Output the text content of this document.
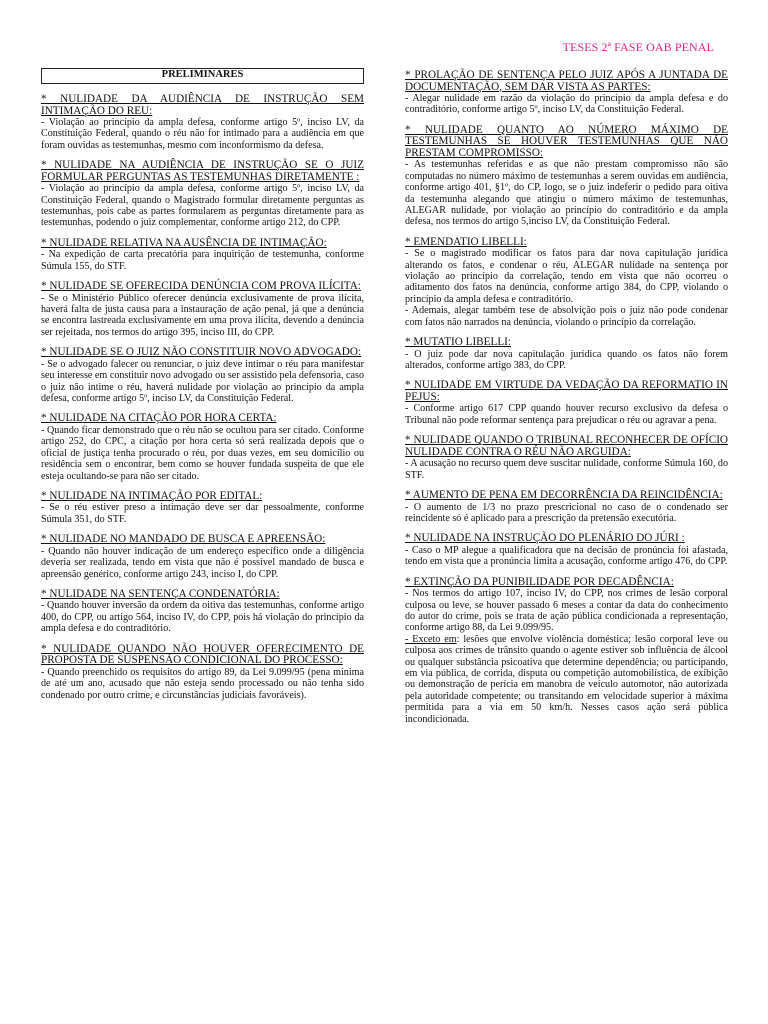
TESES 2ª FASE OAB PENAL
PRELIMINARES
* NULIDADE DA AUDIÊNCIA DE INSTRUÇÃO SEM INTIMAÇÃO DO REU:

- Violação ao princípio da ampla defesa, conforme artigo 5º, inciso LV, da Constituição Federal, quando o réu não for intimado para a audiência em que foram ouvidas as testemunhas, mesmo com inconformismo da defesa.

* NULIDADE NA AUDIÊNCIA DE INSTRUÇÃO SE O JUIZ FORMULAR PERGUNTAS AS TESTEMUNHAS DIRETAMENTE :

- Violação ao princípio da ampla defesa, conforme artigo 5º, inciso LV, da Constituição Federal, quando o Magistrado formular diretamente perguntas as testemunhas, pois cabe as partes formularem as perguntas diretamente para as testemunhas, podendo o juiz complementar, conforme artigo 212, do CPP.

* NULIDADE RELATIVA NA AUSÊNCIA DE INTIMAÇÃO:

- Na expedição de carta precatória para inquirição de testemunha, conforme Súmula 155, do STF.

* NULIDADE SE OFERECIDA DENÚNCIA COM PROVA ILÍCITA:

- Se o Ministério Público oferecer denúncia exclusivamente de prova ilícita, haverá falta de justa causa para a instauração de ação penal, já que a denúncia se encontra lastreada exclusivamente em uma prova ilícita, devendo a denúncia ser rejeitada, nos termos do artigo 395, inciso III, do CPP.

* NULIDADE SE O JUIZ NÃO CONSTITUIR NOVO ADVOGADO:

- Se o advogado falecer ou renunciar, o juiz deve intimar o réu para manifestar seu interesse em constituir novo advogado ou ser assistido pela defensoria, caso o juiz não intime o réu, haverá nulidade por violação ao princípio da ampla defesa, conforme artigo 5º, inciso LV, da Constituição Federal.

* NULIDADE NA CITAÇÃO POR HORA CERTA:

- Quando ficar demonstrado que o réu não se ocultou para ser citado. Conforme artigo 252, do CPC, a citação por hora certa só será realizada depois que o oficial de justiça tenha procurado o réu, por duas vezes, em seu domicílio ou residência sem o encontrar, bem como se houver fundada suspeita de que ele esteja ocultando-se para não ser citado.

* NULIDADE NA INTIMAÇÃO POR EDITAL:

- Se o réu estiver preso a intimação deve ser dar pessoalmente, conforme Súmula 351, do STF.

* NULIDADE NO MANDADO DE BUSCA E APREENSÃO:

- Quando não houver indicação de um endereço específico onde a diligência deveria ser realizada, tendo em vista que não é possível mandado de busca e apreensão genérico, conforme artigo 243, inciso I, do CPP.

* NULIDADE NA SENTENÇA CONDENATÓRIA:

- Quando houver inversão da ordem da oitiva das testemunhas, conforme artigo 400, do CPP, ou artigo 564, inciso IV, do CPP, pois há violação do princípio da ampla defesa e do contraditório.

* NULIDADE QUANDO NÃO HOUVER OFERECIMENTO DE PROPOSTA DE SUSPENSÃO CONDICIONAL DO PROCESSO:

- Quando preenchido os requisitos do artigo 89, da Lei 9.099/95 (pena mínima de até um ano, acusado que não esteja sendo processado ou não tenha sido condenado por outro crime, e circunstâncias judiciais favoráveis).

* PROLAÇÃO DE SENTENÇA PELO JUIZ APÓS A JUNTADA DE DOCUMENTAÇÃO, SEM DAR VISTA AS PARTES:

- Alegar nulidade em razão da violação do princípio da ampla defesa e do contraditório, conforme artigo 5º, inciso LV, da Constituição Federal.

* NULIDADE QUANTO AO NÚMERO MÁXIMO DE TESTEMUNHAS SE HOUVER TESTEMUNHAS QUE NÃO PRESTAM COMPROMISSO:

- As testemunhas referidas e as que não prestam compromisso não são computadas no número máximo de testemunhas a serem ouvidas em audiência, conforme artigo 401, §1º, do CP, logo, se o juiz indeferir o pedido para oitiva da testemunha alegando que atingiu o número máximo de testemunhas, ALEGAR nulidade, por violação ao princípio do contraditório e da ampla defesa, nos termos do artigo 5,inciso LV, da Constituição Federal.

* EMENDATIO LIBELLI:

- Se o magistrado modificar os fatos para dar nova capitulação jurídica alterando os fatos, e condenar o réu, ALEGAR nulidade na sentença por violação ao princípio da correlação, tendo em vista que não ocorreu o aditamento dos fatos na denúncia, conforme artigo 384, do CPP, violando o princípio da ampla defesa e contraditório.

- Ademais, alegar também tese de absolvição pois o juiz não pode condenar com fatos não narrados na denúncia, violando o princípio da correlação.

* MUTATIO LIBELLI:

- O juiz pode dar nova capitulação jurídica quando os fatos não forem alterados, conforme artigo 383, do CPP.

* NULIDADE EM VIRTUDE DA VEDAÇÃO DA REFORMATIO IN PEJUS:

- Conforme artigo 617 CPP quando houver recurso exclusivo da defesa o Tribunal não pode reformar sentença para prejudicar o réu ou agravar a pena.

* NULIDADE QUANDO O TRIBUNAL RECONHECER DE OFÍCIO NULIDADE CONTRA O RÉU NÃO ARGUIDA:

- A acusação no recurso quem deve suscitar nulidade, conforme Súmula 160, do STF.

* AUMENTO DE PENA EM DECORRÊNCIA DA REINCIDÊNCIA:

- O aumento de 1/3 no prazo prescricional no caso de o condenado ser reincidente só é aplicado para a prescrição da pretensão executória.

* NULIDADE NA INSTRUÇÃO DO PLENÁRIO DO JÚRI :

- Caso o MP alegue a qualificadora que na decisão de pronúncia foi afastada, tendo em vista que a pronúncia limita a acusação, conforme artigo 476, do CPP.

* EXTINÇÃO DA PUNIBILIDADE POR DECADÊNCIA:

- Nos termos do artigo 107, inciso IV, do CPP, nos crimes de lesão corporal culposa ou leve, se houver passado 6 meses a contar da data do conhecimento do autor do crime, pois se trata de ação pública condicionada a representação, conforme artigo 88, da Lei 9.099/95.

- Exceto em: lesões que envolve violência doméstica; lesão corporal leve ou culposa aos crimes de trânsito quando o agente estiver sob influência de álcool ou qualquer substância psicoativa que determine dependência; ou participando, em via pública, de corrida, disputa ou competição automobilística, de exibição ou demonstração de perícia em manobra de veículo automotor, não autorizada pela autoridade competente; ou transitando em velocidade superior à máxima permitida para a via em 50 km/h. Nesses casos ação será pública incondicionada.
